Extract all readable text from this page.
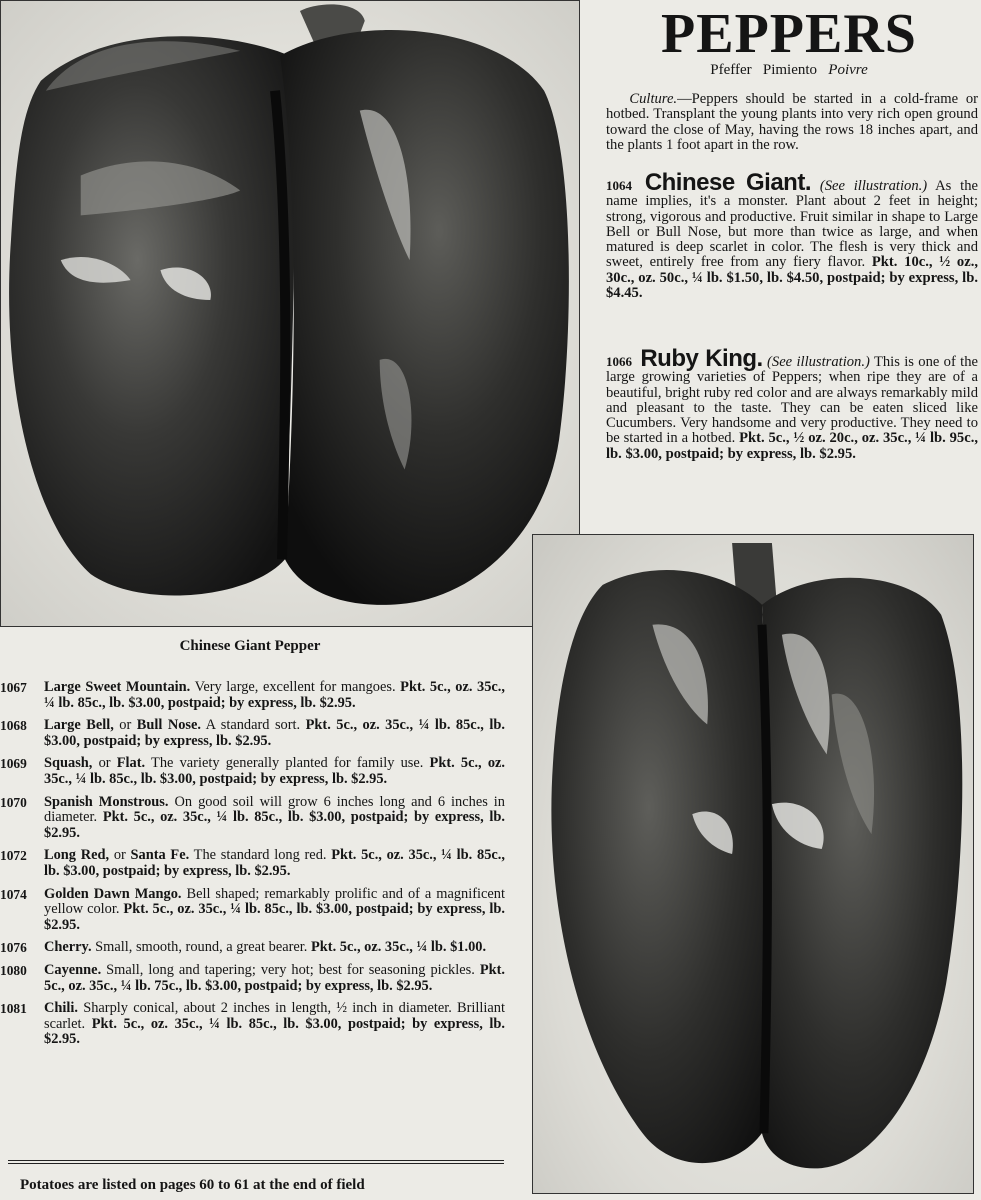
PEPPERS
Pfeffer Pimiento Poivre
Culture.—Peppers should be started in a cold-frame or hotbed. Transplant the young plants into very rich open ground toward the close of May, having the rows 18 inches apart, and the plants 1 foot apart in the row.
1064 Chinese Giant. (See illustration.) As the name implies, it's a monster. Plant about 2 feet in height; strong, vigorous and productive. Fruit similar in shape to Large Bell or Bull Nose, but more than twice as large, and when matured is deep scarlet in color. The flesh is very thick and sweet, entirely free from any fiery flavor. Pkt. 10c., ½ oz., 30c., oz. 50c., ¼ lb. $1.50, lb. $4.50, postpaid; by express, lb. $4.45.
1066 Ruby King. (See illustration.) This is one of the large growing varieties of Peppers; when ripe they are of a beautiful, bright ruby red color and are always remarkably mild and pleasant to the taste. They can be eaten sliced like Cucumbers. Very handsome and very productive. They need to be started in a hotbed. Pkt. 5c., ½ oz. 20c., oz. 35c., ¼ lb. 95c., lb. $3.00, postpaid; by express, lb. $2.95.
Chinese Giant Pepper
1067	Large Sweet Mountain. Very large, excellent for mangoes. Pkt. 5c., oz. 35c., ¼ lb. 85c., lb. $3.00, postpaid; by express, lb. $2.95.
1068	Large Bell, or Bull Nose. A standard sort. Pkt. 5c., oz. 35c., ¼ lb. 85c., lb. $3.00, postpaid; by express, lb. $2.95.
1069	Squash, or Flat. The variety generally planted for family use. Pkt. 5c., oz. 35c., ¼ lb. 85c., lb. $3.00, postpaid; by express, lb. $2.95.
1070	Spanish Monstrous. On good soil will grow 6 inches long and 6 inches in diameter. Pkt. 5c., oz. 35c., ¼ lb. 85c., lb. $3.00, postpaid; by express, lb. $2.95.
1072	Long Red, or Santa Fe. The standard long red. Pkt. 5c., oz. 35c., ¼ lb. 85c., lb. $3.00, postpaid; by express, lb. $2.95.
1074	Golden Dawn Mango. Bell shaped; remarkably prolific and of a magnificent yellow color. Pkt. 5c., oz. 35c., ¼ lb. 85c., lb. $3.00, postpaid; by express, lb. $2.95.
1076	Cherry. Small, smooth, round, a great bearer. Pkt. 5c., oz. 35c., ¼ lb. $1.00.
1080	Cayenne. Small, long and tapering; very hot; best for seasoning pickles. Pkt. 5c., oz. 35c., ¼ lb. 75c., lb. $3.00, postpaid; by express, lb. $2.95.
1081	Chili. Sharply conical, about 2 inches in length, ½ inch in diameter. Brilliant scarlet. Pkt. 5c., oz. 35c., ¼ lb. 85c., lb. $3.00, postpaid; by express, lb. $2.95.
Potatoes are listed on pages 60 to 61 at the end of field
